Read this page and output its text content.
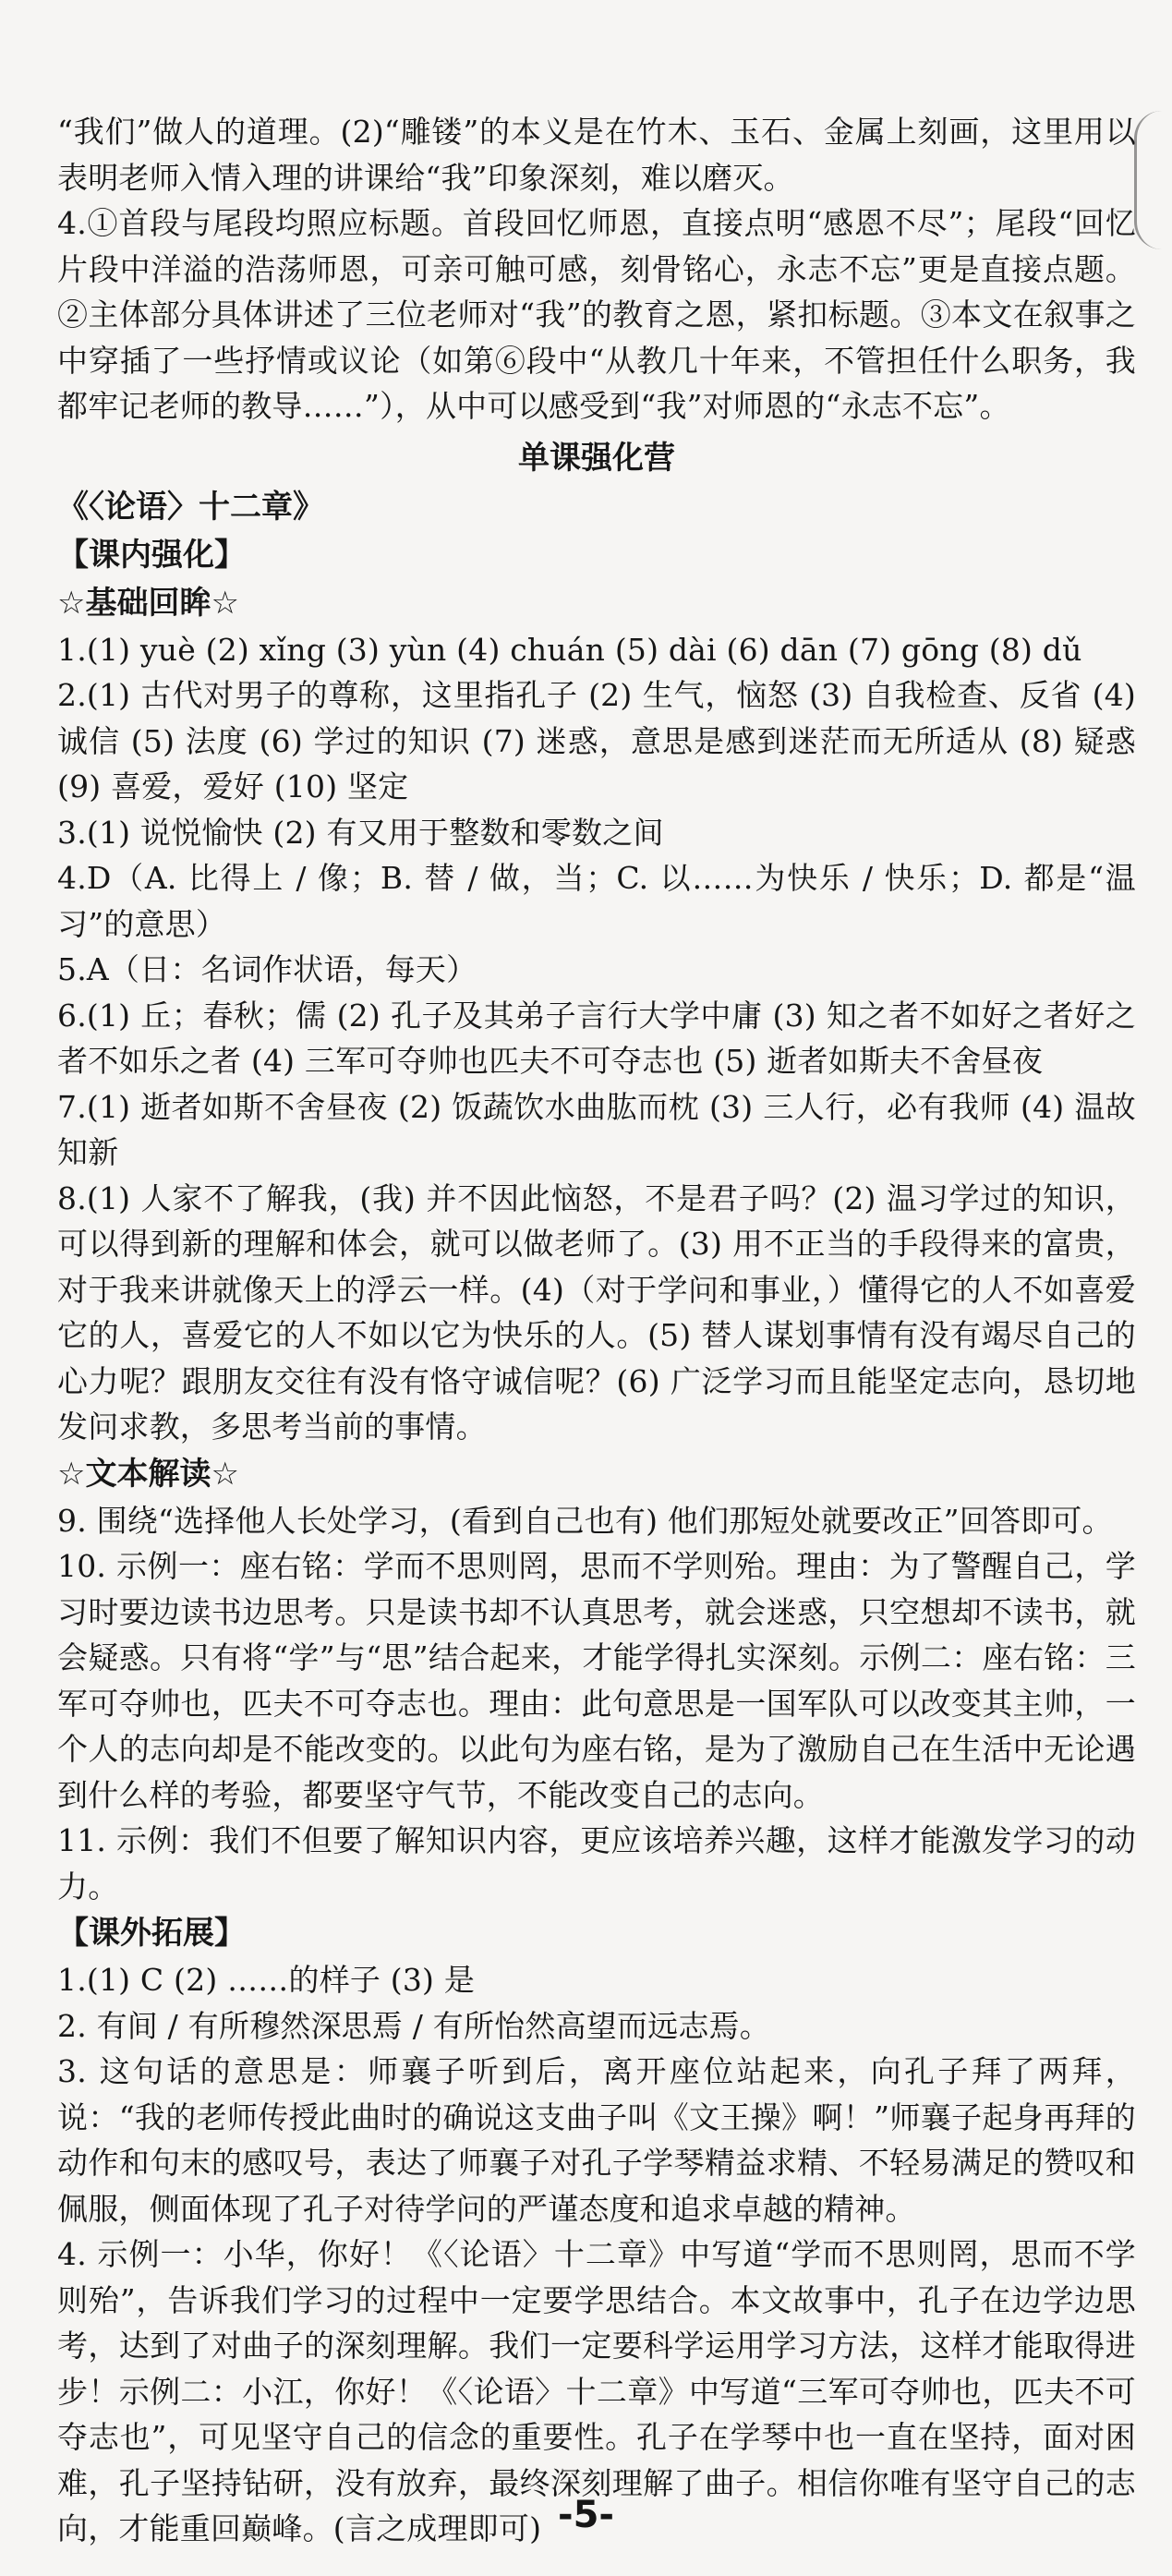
“我们”做人的道理。(2)“雕镂”的本义是在竹木、玉石、金属上刻画，这里用以表明老师入情入理的讲课给“我”印象深刻，难以磨灭。

4.①首段与尾段均照应标题。首段回忆师恩，直接点明“感恩不尽”；尾段“回忆片段中洋溢的浩荡师恩，可亲可触可感，刻骨铭心，永志不忘”更是直接点题。②主体部分具体讲述了三位老师对“我”的教育之恩，紧扣标题。③本文在叙事之中穿插了一些抒情或议论（如第⑥段中“从教几十年来，不管担任什么职务，我都牢记老师的教导……”），从中可以感受到“我”对师恩的“永志不忘”。

单课强化营
《〈论语〉十二章》
【课内强化】
☆基础回眸☆

1.(1) yuè (2) xǐng (3) yùn (4) chuán (5) dài (6) dān (7) gōng (8) dǔ

2.(1) 古代对男子的尊称，这里指孔子 (2) 生气，恼怒 (3) 自我检查、反省 (4) 诚信 (5) 法度 (6) 学过的知识 (7) 迷惑，意思是感到迷茫而无所适从 (8) 疑惑 (9) 喜爱，爱好 (10) 坚定

3.(1) 说悦愉快 (2) 有又用于整数和零数之间

4.D（A. 比得上 / 像；B. 替 / 做，当；C. 以……为快乐 / 快乐；D. 都是“温习”的意思）

5.A（日：名词作状语，每天）

6.(1) 丘；春秋；儒 (2) 孔子及其弟子言行大学中庸 (3) 知之者不如好之者好之者不如乐之者 (4) 三军可夺帅也匹夫不可夺志也 (5) 逝者如斯夫不舍昼夜

7.(1) 逝者如斯不舍昼夜 (2) 饭蔬饮水曲肱而枕 (3) 三人行，必有我师 (4) 温故知新

8.(1) 人家不了解我，(我) 并不因此恼怒，不是君子吗？(2) 温习学过的知识，可以得到新的理解和体会，就可以做老师了。(3) 用不正当的手段得来的富贵，对于我来讲就像天上的浮云一样。(4)（对于学问和事业，）懂得它的人不如喜爱它的人，喜爱它的人不如以它为快乐的人。(5) 替人谋划事情有没有竭尽自己的心力呢？跟朋友交往有没有恪守诚信呢？(6) 广泛学习而且能坚定志向，恳切地发问求教，多思考当前的事情。

☆文本解读☆

9. 围绕“选择他人长处学习，(看到自己也有) 他们那短处就要改正”回答即可。

10. 示例一：座右铭：学而不思则罔，思而不学则殆。理由：为了警醒自己，学习时要边读书边思考。只是读书却不认真思考，就会迷惑，只空想却不读书，就会疑惑。只有将“学”与“思”结合起来，才能学得扎实深刻。示例二：座右铭：三军可夺帅也，匹夫不可夺志也。理由：此句意思是一国军队可以改变其主帅，一个人的志向却是不能改变的。以此句为座右铭，是为了激励自己在生活中无论遇到什么样的考验，都要坚守气节，不能改变自己的志向。

11. 示例：我们不但要了解知识内容，更应该培养兴趣，这样才能激发学习的动力。

【课外拓展】

1.(1) C (2) ……的样子 (3) 是

2. 有间 / 有所穆然深思焉 / 有所怡然高望而远志焉。

3. 这句话的意思是：师襄子听到后，离开座位站起来，向孔子拜了两拜，说：“我的老师传授此曲时的确说这支曲子叫《文王操》啊！”师襄子起身再拜的动作和句末的感叹号，表达了师襄子对孔子学琴精益求精、不轻易满足的赞叹和佩服，侧面体现了孔子对待学问的严谨态度和追求卓越的精神。

4. 示例一：小华，你好！《〈论语〉十二章》中写道“学而不思则罔，思而不学则殆”，告诉我们学习的过程中一定要学思结合。本文故事中，孔子在边学边思考，达到了对曲子的深刻理解。我们一定要科学运用学习方法，这样才能取得进步！示例二：小江，你好！《〈论语〉十二章》中写道“三军可夺帅也，匹夫不可夺志也”，可见坚守自己的信念的重要性。孔子在学琴中也一直在坚持，面对困难，孔子坚持钻研，没有放弃，最终深刻理解了曲子。相信你唯有坚守自己的志向，才能重回巅峰。(言之成理即可) -5-
